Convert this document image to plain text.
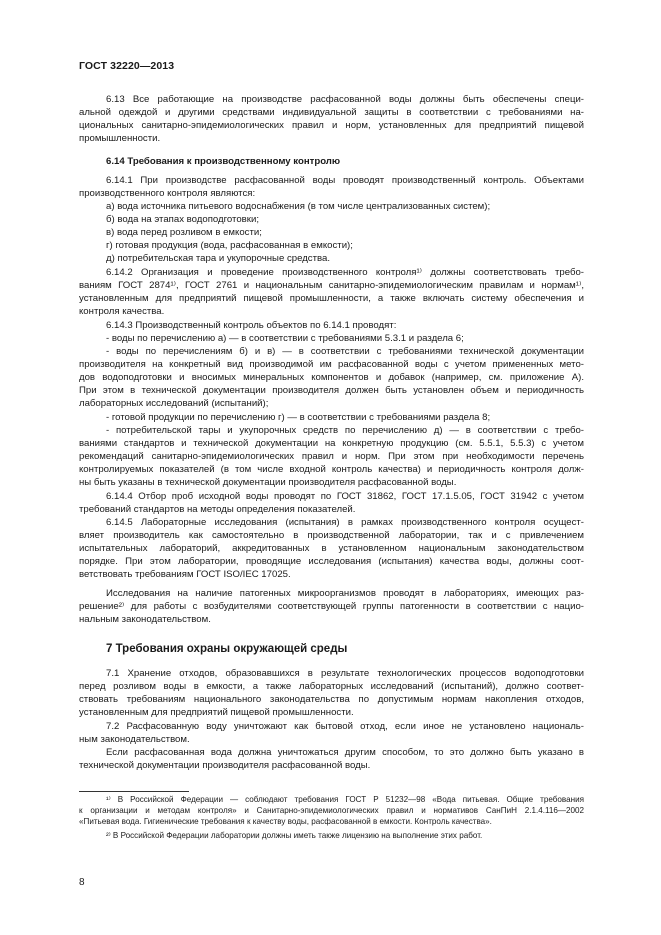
ГОСТ 32220—2013
6.13 Все работающие на производстве расфасованной воды должны быть обеспечены специ-
альной одеждой и другими средствами индивидуальной защиты в соответствии с требованиями на-
циональных санитарно-эпидемиологических правил и норм, установленных для предприятий пищевой
промышленности.
6.14 Требования к производственному контролю
6.14.1 При производстве расфасованной воды проводят производственный контроль. Объектами
производственного контроля являются:
а) вода источника питьевого водоснабжения (в том числе централизованных систем);
б) вода на этапах водоподготовки;
в) вода перед розливом в емкости;
г) готовая продукция (вода, расфасованная в емкости);
д) потребительская тара и укупорочные средства.
6.14.2 Организация и проведение производственного контроля¹⁾ должны соответствовать требо-
ваниям ГОСТ 2874¹⁾, ГОСТ 2761 и национальным санитарно-эпидемиологическим правилам и нормам¹⁾,
установленным для предприятий пищевой промышленности, а также включать систему обеспечения и
контроля качества.
6.14.3 Производственный контроль объектов по 6.14.1 проводят:
- воды по перечислению а) — в соответствии с требованиями 5.3.1 и раздела 6;
- воды по перечислениям б) и в) — в соответствии с требованиями технической документации
производителя на конкретный вид производимой им расфасованной воды с учетом примененных мето-
дов водоподготовки и вносимых минеральных компонентов и добавок (например, см. приложение А).
При этом в технической документации производителя должен быть установлен объем и периодичность
лабораторных исследований (испытаний);
- готовой продукции по перечислению г) — в соответствии с требованиями раздела 8;
- потребительской тары и укупорочных средств по перечислению д) — в соответствии с требо-
ваниями стандартов и технической документации на конкретную продукцию (см. 5.5.1, 5.5.3) с учетом
рекомендаций санитарно-эпидемиологических правил и норм. При этом при необходимости перечень
контролируемых показателей (в том числе входной контроль качества) и периодичность контроля долж-
ны быть указаны в технической документации производителя расфасованной воды.
6.14.4 Отбор проб исходной воды проводят по ГОСТ 31862, ГОСТ 17.1.5.05, ГОСТ 31942 с учетом
требований стандартов на методы определения показателей.
6.14.5 Лабораторные исследования (испытания) в рамках производственного контроля осущест-
вляет производитель как самостоятельно в производственной лаборатории, так и с привлечением
испытательных лабораторий, аккредитованных в установленном национальным законодательством
порядке. При этом лаборатории, проводящие исследования (испытания) качества воды, должны соот-
ветствовать требованиям ГОСТ ISO/IEC 17025.
Исследования на наличие патогенных микроорганизмов проводят в лабораториях, имеющих раз-
решение²⁾ для работы с возбудителями соответствующей группы патогенности в соответствии с нацио-
нальным законодательством.
7 Требования охраны окружающей среды
7.1 Хранение отходов, образовавшихся в результате технологических процессов водоподготовки
перед розливом воды в емкости, а также лабораторных исследований (испытаний), должно соответ-
ствовать требованиям национального законодательства по допустимым нормам накопления отходов,
установленным для предприятий пищевой промышленности.
7.2 Расфасованную воду уничтожают как бытовой отход, если иное не установлено националь-
ным законодательством.
Если расфасованная вода должна уничтожаться другим способом, то это должно быть указано в
технической документации производителя расфасованной воды.
¹⁾ В Российской Федерации — соблюдают требования ГОСТ Р 51232—98 «Вода питьевая. Общие требования
к организации и методам контроля» и Санитарно-эпидемиологических правил и нормативов СанПиН 2.1.4.116—2002
«Питьевая вода. Гигиенические требования к качеству воды, расфасованной в емкости. Контроль качества».
²⁾ В Российской Федерации лаборатории должны иметь также лицензию на выполнение этих работ.
8
